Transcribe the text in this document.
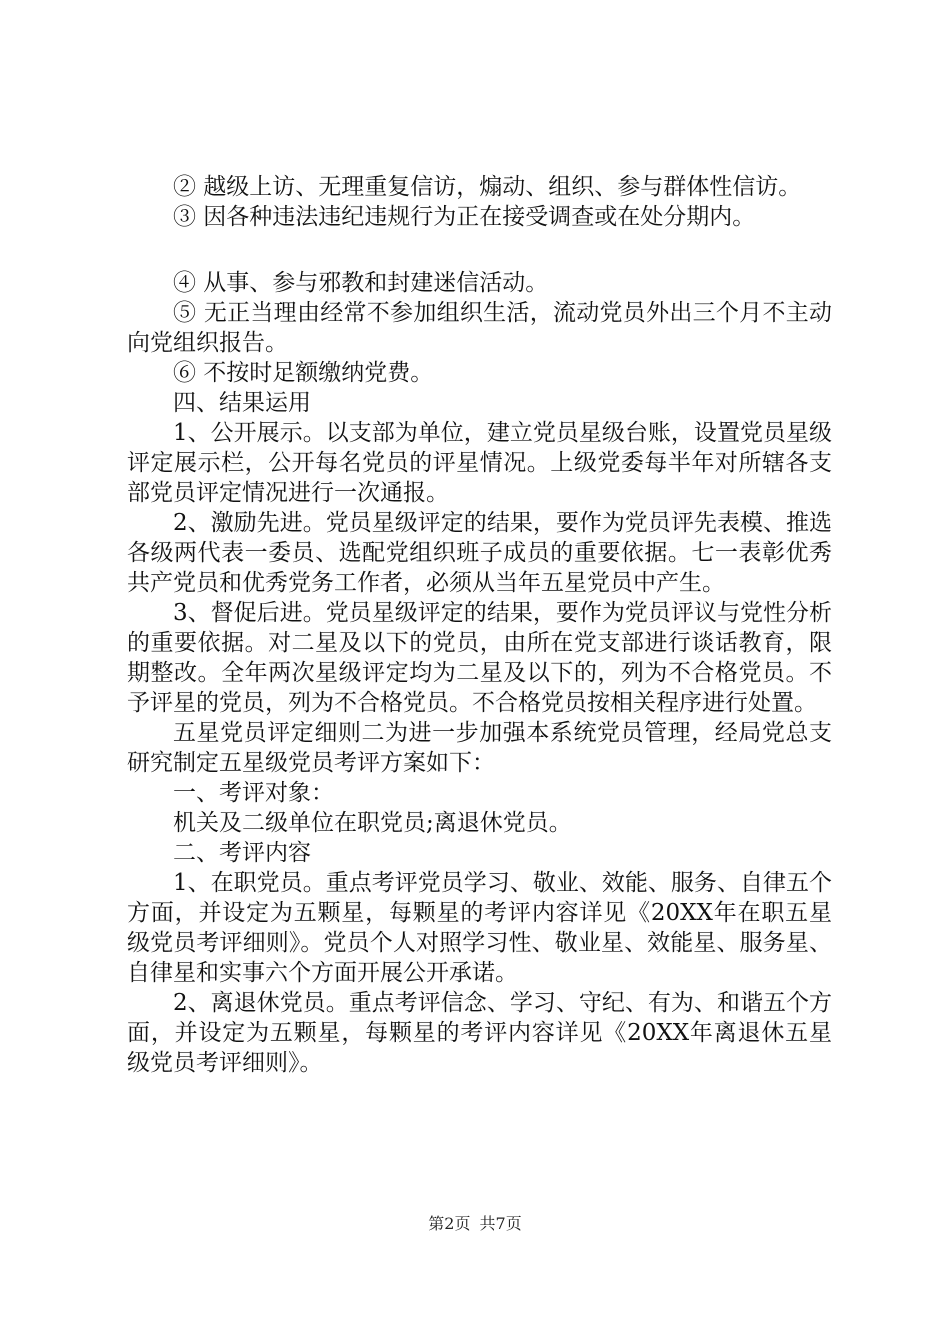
② 越级上访、无理重复信访，煽动、组织、参与群体性信访。

③ 因各种违法违纪违规行为正在接受调查或在处分期内。

④ 从事、参与邪教和封建迷信活动。

⑤ 无正当理由经常不参加组织生活，流动党员外出三个月不主动向党组织报告。

⑥ 不按时足额缴纳党费。

四、结果运用

1、公开展示。以支部为单位，建立党员星级台账，设置党员星级评定展示栏，公开每名党员的评星情况。上级党委每半年对所辖各支部党员评定情况进行一次通报。

2、激励先进。党员星级评定的结果，要作为党员评先表模、推选各级两代表一委员、选配党组织班子成员的重要依据。七一表彰优秀共产党员和优秀党务工作者，必须从当年五星党员中产生。

3、督促后进。党员星级评定的结果，要作为党员评议与党性分析的重要依据。对二星及以下的党员，由所在党支部进行谈话教育，限期整改。全年两次星级评定均为二星及以下的，列为不合格党员。不予评星的党员，列为不合格党员。不合格党员按相关程序进行处置。

五星党员评定细则二为进一步加强本系统党员管理，经局党总支研究制定五星级党员考评方案如下：

一、考评对象：

机关及二级单位在职党员;离退休党员。

二、考评内容

1、在职党员。重点考评党员学习、敬业、效能、服务、自律五个方面，并设定为五颗星，每颗星的考评内容详见《20XX年在职五星级党员考评细则》。党员个人对照学习性、敬业星、效能星、服务星、自律星和实事六个方面开展公开承诺。

2、离退休党员。重点考评信念、学习、守纪、有为、和谐五个方面，并设定为五颗星，每颗星的考评内容详见《20XX年离退休五星级党员考评细则》。

第2页 共7页
